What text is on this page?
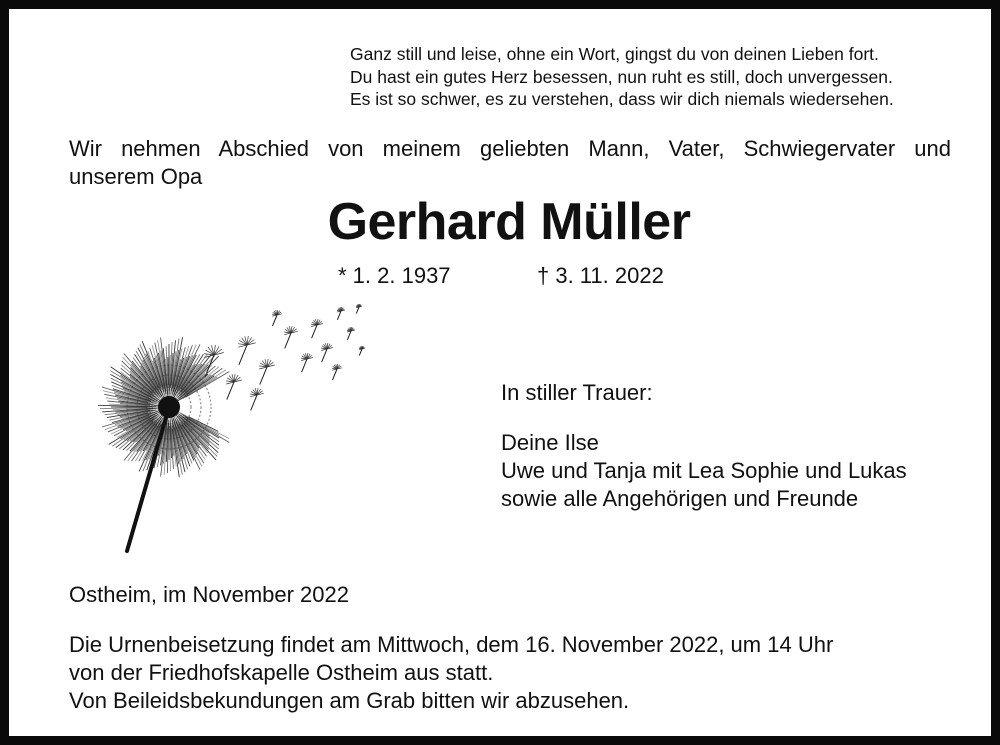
Ganz still und leise, ohne ein Wort, gingst du von deinen Lieben fort.
Du hast ein gutes Herz besessen, nun ruht es still, doch unvergessen.
Es ist so schwer, es zu verstehen, dass wir dich niemals wiedersehen.
Wir nehmen Abschied von meinem geliebten Mann, Vater, Schwiegervater und
unserem Opa
Gerhard Müller
* 1. 2. 1937	† 3. 11. 2022
In stiller Trauer:
Deine Ilse
Uwe und Tanja mit Lea Sophie und Lukas
sowie alle Angehörigen und Freunde
Ostheim, im November 2022
Die Urnenbeisetzung findet am Mittwoch, dem 16. November 2022, um 14 Uhr
von der Friedhofskapelle Ostheim aus statt.
Von Beileidsbekundungen am Grab bitten wir abzusehen.
